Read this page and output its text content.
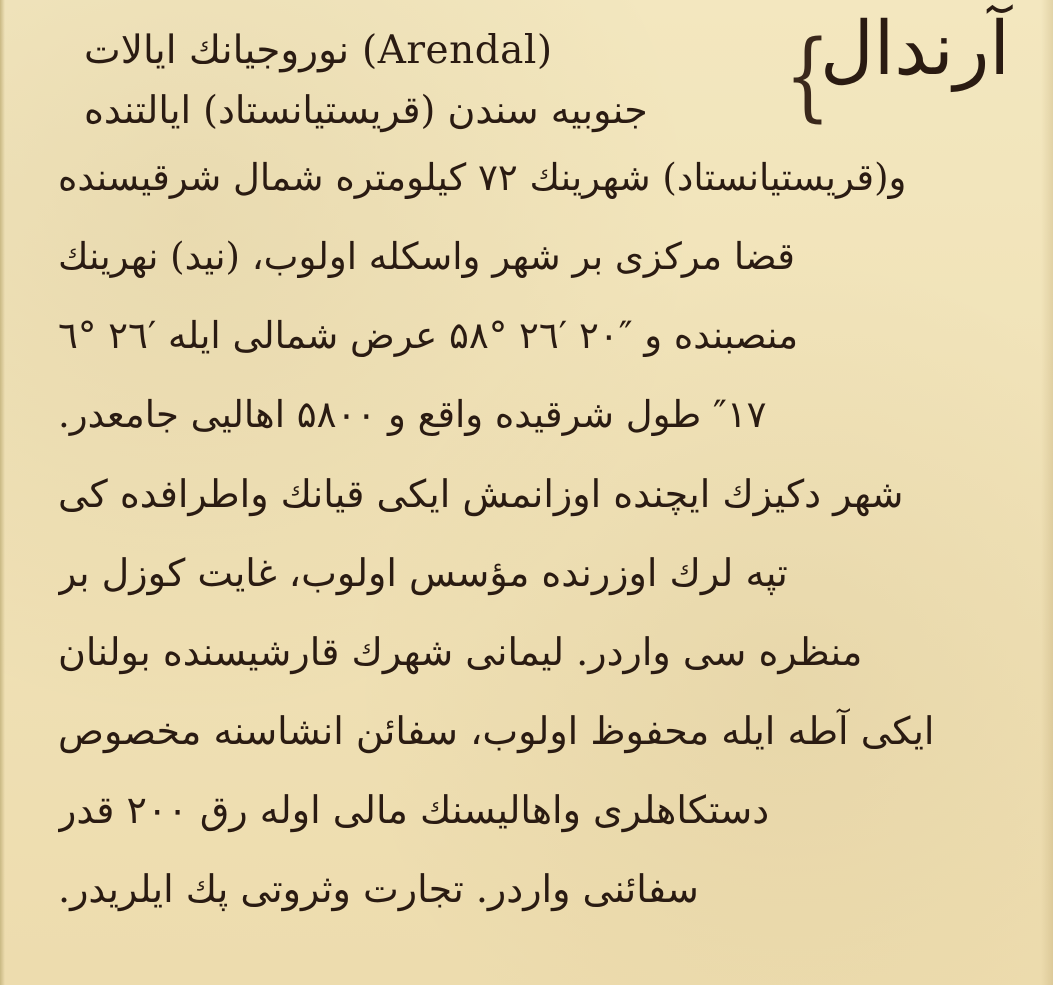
آرندال
{
(Arendal) نوروجیانك ایالات
جنوبیه سندن (قریستیانستاد) ایالتنده
و(قریستیانستاد) شهرینك ۷۲ کیلومتره شمال شرقیسنده
قضا مرکزی بر شهر واسکله اولوب، (نید) نهرینك
منصبنده و ″۲۰ ′۲٦ °۵۸ عرض شمالی ایله ′۲٦ °٦
″۱۷ طول شرقیده واقع و ۵۸۰۰ اهالیی جامعدر.
شهر دکیزك ایچنده اوزانمش ایکی قیانك واطرافده کی
تپه لرك اوزرنده مؤسس اولوب، غایت کوزل بر
منظره سی واردر. لیمانی شهرك قارشیسنده بولنان
ایکی آطه ایله محفوظ اولوب، سفائن انشاسنه مخصوص
دستکاهلری واهالیسنك مالی اوله رق ۲۰۰ قدر
سفائنی واردر. تجارت وثروتی پك ایلریدر.
